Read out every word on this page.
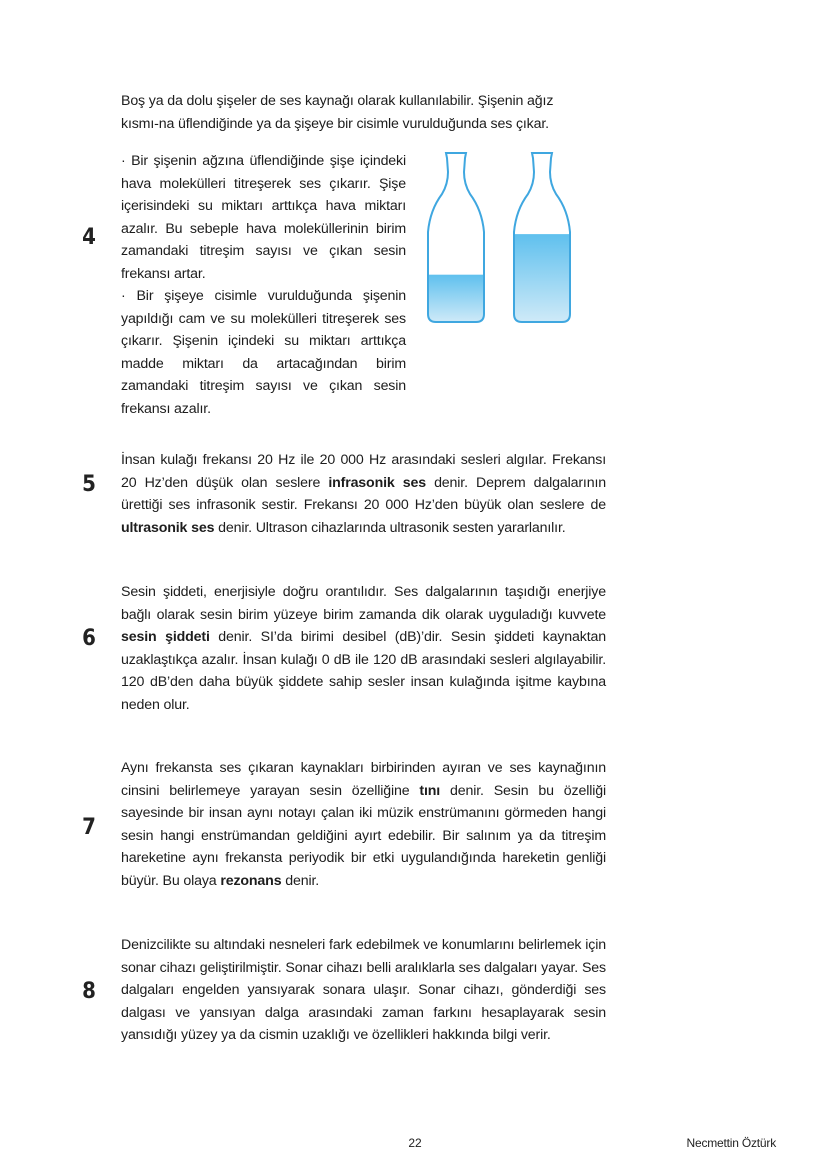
Boş ya da dolu şişeler de ses kaynağı olarak kullanılabilir. Şişenin ağız kısmı-na üflendiğinde ya da şişeye bir cisimle vurulduğunda ses çıkar.

4

· Bir şişenin ağzına üflendiğinde şişe içindeki hava molekülleri titreşerek ses çıkarır. Şişe içerisindeki su miktarı arttıkça hava miktarı azalır. Bu sebeple hava moleküllerinin birim zamandaki titreşim sayısı ve çıkan sesin frekansı artar.

· Bir şişeye cisimle vurulduğunda şişenin yapıldığı cam ve su molekülleri titreşerek ses çıkarır. Şişenin içindeki su miktarı arttıkça madde miktarı da artacağından birim zamandaki titreşim sayısı ve çıkan sesin frekansı azalır.

5

İnsan kulağı frekansı 20 Hz ile 20 000 Hz arasındaki sesleri algılar. Frekansı 20 Hz’den düşük olan seslere infrasonik ses denir. Deprem dalgalarının ürettiği ses infrasonik sestir. Frekansı 20 000 Hz’den büyük olan seslere de ultrasonik ses denir. Ultrason cihazlarında ultrasonik sesten yararlanılır.

6

Sesin şiddeti, enerjisiyle doğru orantılıdır. Ses dalgalarının taşıdığı enerjiye bağlı olarak sesin birim yüzeye birim zamanda dik olarak uyguladığı kuvvete sesin şiddeti denir. SI’da birimi desibel (dB)’dir. Sesin şiddeti kaynaktan uzaklaştıkça azalır. İnsan kulağı 0 dB ile 120 dB arasındaki sesleri algılayabilir. 120 dB’den daha büyük şiddete sahip sesler insan kulağında işitme kaybına neden olur.

7

Aynı frekansta ses çıkaran kaynakları birbirinden ayıran ve ses kaynağının cinsini belirlemeye yarayan sesin özelliğine tını denir. Sesin bu özelliği sayesinde bir insan aynı notayı çalan iki müzik enstrümanını görmeden hangi sesin hangi enstrümandan geldiğini ayırt edebilir. Bir salınım ya da titreşim hareketine aynı frekansta periyodik bir etki uygulandığında hareketin genliği büyür. Bu olaya rezonans denir.

8

Denizcilikte su altındaki nesneleri fark edebilmek ve konumlarını belirlemek için sonar cihazı geliştirilmiştir. Sonar cihazı belli aralıklarla ses dalgaları yayar. Ses dalgaları engelden yansıyarak sonara ulaşır. Sonar cihazı, gönderdiği ses dalgası ve yansıyan dalga arasındaki zaman farkını hesaplayarak sesin yansıdığı yüzey ya da cismin uzaklığı ve özellikleri hakkında bilgi verir.

22	Necmettin Öztürk
